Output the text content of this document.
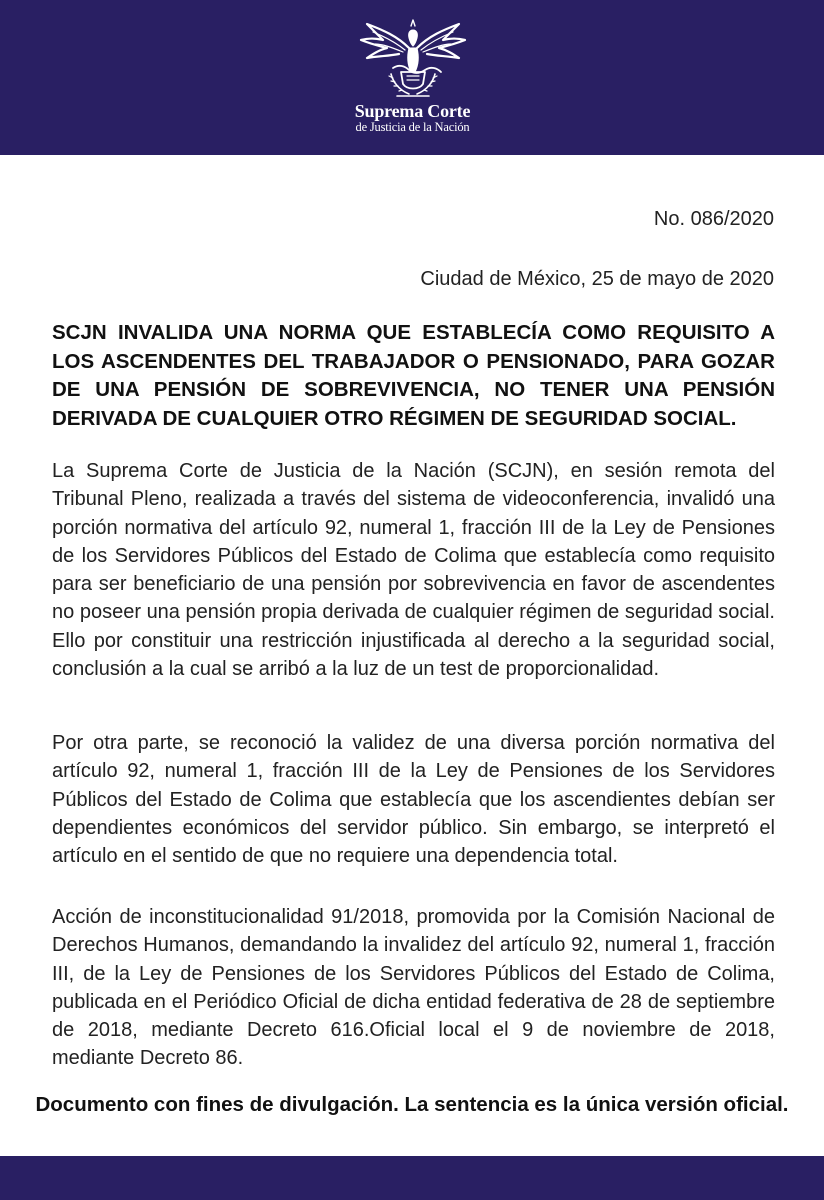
Suprema Corte
de Justicia de la Nación
No. 086/2020
Ciudad de México, 25 de mayo de 2020

SCJN INVALIDA UNA NORMA QUE ESTABLECÍA COMO REQUISITO A LOS ASCENDENTES DEL TRABAJADOR O PENSIONADO, PARA GOZAR DE UNA PENSIÓN DE SOBREVIVENCIA, NO TENER UNA PENSIÓN DERIVADA DE CUALQUIER OTRO RÉGIMEN DE SEGURIDAD SOCIAL.

La Suprema Corte de Justicia de la Nación (SCJN), en sesión remota del Tribunal Pleno, realizada a través del sistema de videoconferencia, invalidó una porción normativa del artículo 92, numeral 1, fracción III de la Ley de Pensiones de los Servidores Públicos del Estado de Colima que establecía como requisito para ser beneficiario de una pensión por sobrevivencia en favor de ascendentes no poseer una pensión propia derivada de cualquier régimen de seguridad social. Ello por constituir una restricción injustificada al derecho a la seguridad social, conclusión a la cual se arribó a la luz de un test de proporcionalidad.

Por otra parte, se reconoció la validez de una diversa porción normativa del artículo 92, numeral 1, fracción III de la Ley de Pensiones de los Servidores Públicos del Estado de Colima que establecía que los ascendientes debían ser dependientes económicos del servidor público. Sin embargo, se interpretó el artículo en el sentido de que no requiere una dependencia total.

Acción de inconstitucionalidad 91/2018, promovida por la Comisión Nacional de Derechos Humanos, demandando la invalidez del artículo 92, numeral 1, fracción III, de la Ley de Pensiones de los Servidores Públicos del Estado de Colima, publicada en el Periódico Oficial de dicha entidad federativa de 28 de septiembre de 2018, mediante Decreto 616.Oficial local el 9 de noviembre de 2018, mediante Decreto 86.

Documento con fines de divulgación. La sentencia es la única versión oficial.
